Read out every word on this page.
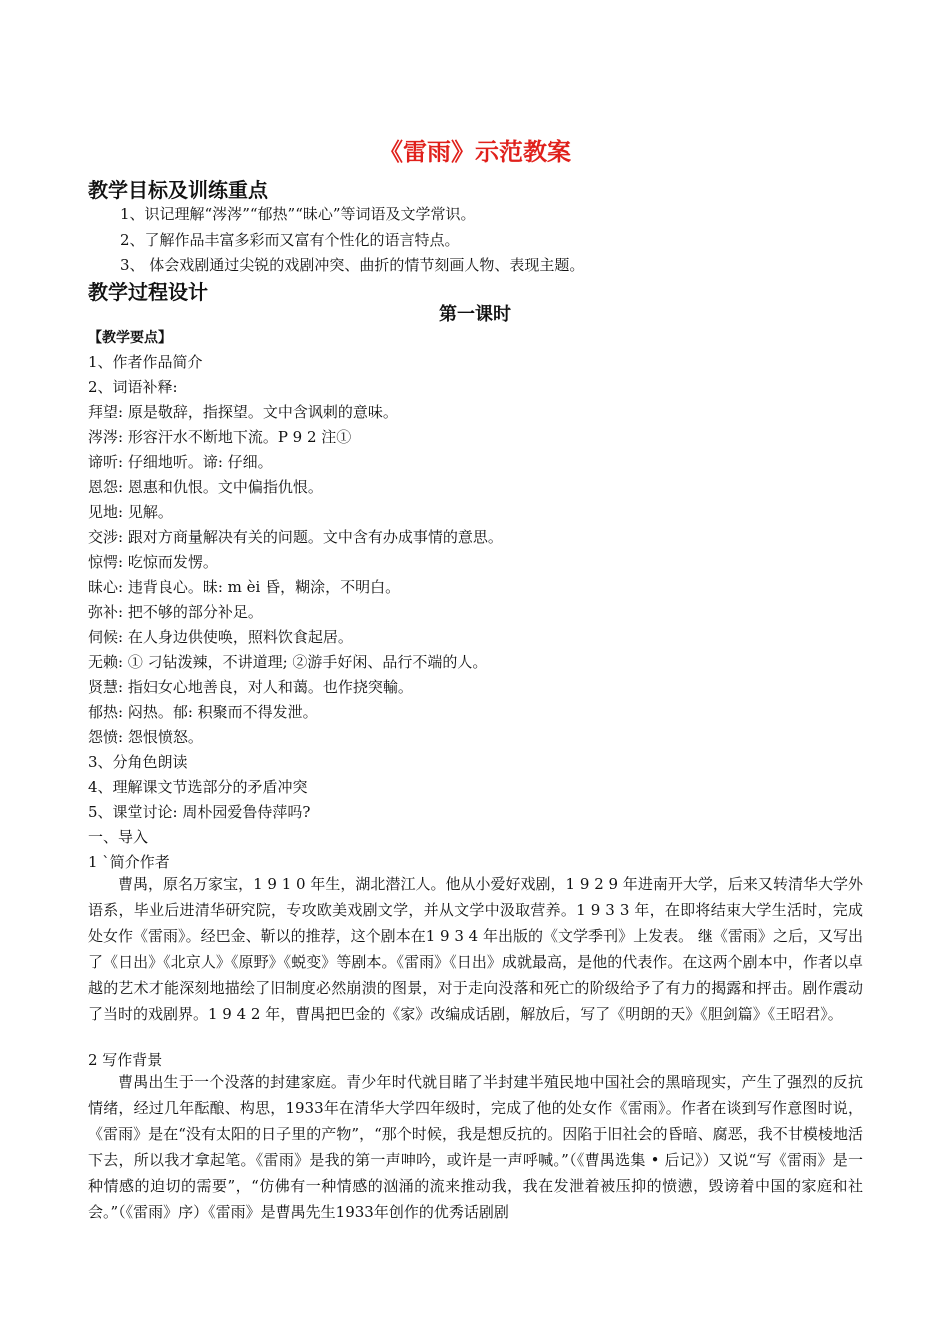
《雷雨》示范教案
教学目标及训练重点
1、识记理解“涔涔”“郁热”“昧心”等词语及文学常识。
2、了解作品丰富多彩而又富有个性化的语言特点。
3、 体会戏剧通过尖锐的戏剧冲突、曲折的情节刻画人物、表现主题。
教学过程设计
第一课时
【教学要点】
1、作者作品简介
2、词语补释:
拜望: 原是敬辞，指探望。文中含讽刺的意味。
涔涔: 形容汗水不断地下流。P 9 2 注①
谛听: 仔细地听。谛: 仔细。
恩怨: 恩惠和仇恨。文中偏指仇恨。
见地: 见解。
交涉: 跟对方商量解决有关的问题。文中含有办成事情的意思。
惊愕: 吃惊而发愣。
昧心: 违背良心。昧: m èi 昏，糊涂，不明白。
弥补: 把不够的部分补足。
伺候: 在人身边供使唤，照料饮食起居。
无赖: ① 刁钻泼辣，不讲道理; ②游手好闲、品行不端的人。
贤慧: 指妇女心地善良，对人和蔼。也作挠突輸。
郁热: 闷热。郁: 积聚而不得发泄。
怨愤: 怨恨愤怒。
3、分角色朗读
4、理解课文节选部分的矛盾冲突
5、课堂讨论: 周朴园爱鲁侍萍吗?
一、导入
1 `简介作者
曹禺，原名万家宝，1 9 1 0 年生，湖北潜江人。他从小爱好戏剧，1 9 2 9 年进南开大学，后来又转清华大学外语系，毕业后进清华研究院，专攻欧美戏剧文学，并从文学中汲取营养。1 9 3 3 年，在即将结束大学生活时，完成处女作《雷雨》。经巴金、靳以的推荐，这个剧本在1 9 3 4 年出版的《文学季刊》上发表。 继《雷雨》之后，又写出了《日出》《北京人》《原野》《蜕变》等剧本。《雷雨》《日出》成就最高，是他的代表作。在这两个剧本中，作者以卓越的艺术才能深刻地描绘了旧制度必然崩溃的图景，对于走向没落和死亡的阶级给予了有力的揭露和抨击。剧作震动了当时的戏剧界。1 9 4 2 年，曹禺把巴金的《家》改编成话剧，解放后，写了《明朗的天》《胆剑篇》《王昭君》。
2 写作背景
曹禺出生于一个没落的封建家庭。青少年时代就目睹了半封建半殖民地中国社会的黑暗现实，产生了强烈的反抗情绪，经过几年酝酿、构思，1933年在清华大学四年级时，完成了他的处女作《雷雨》。作者在谈到写作意图时说，《雷雨》是在“没有太阳的日子里的产物”，“那个时候，我是想反抗的。因陷于旧社会的昏暗、腐恶，我不甘模棱地活下去，所以我才拿起笔。《雷雨》是我的第一声呻吟，或许是一声呼喊。”（《曹禺选集 • 后记》）又说“写《雷雨》是一种情感的迫切的需要”，“仿佛有一种情感的汹涌的流来推动我，我在发泄着被压抑的愤懑，毁谤着中国的家庭和社会。”（《雷雨》序）《雷雨》是曹禺先生1933年创作的优秀话剧剧
